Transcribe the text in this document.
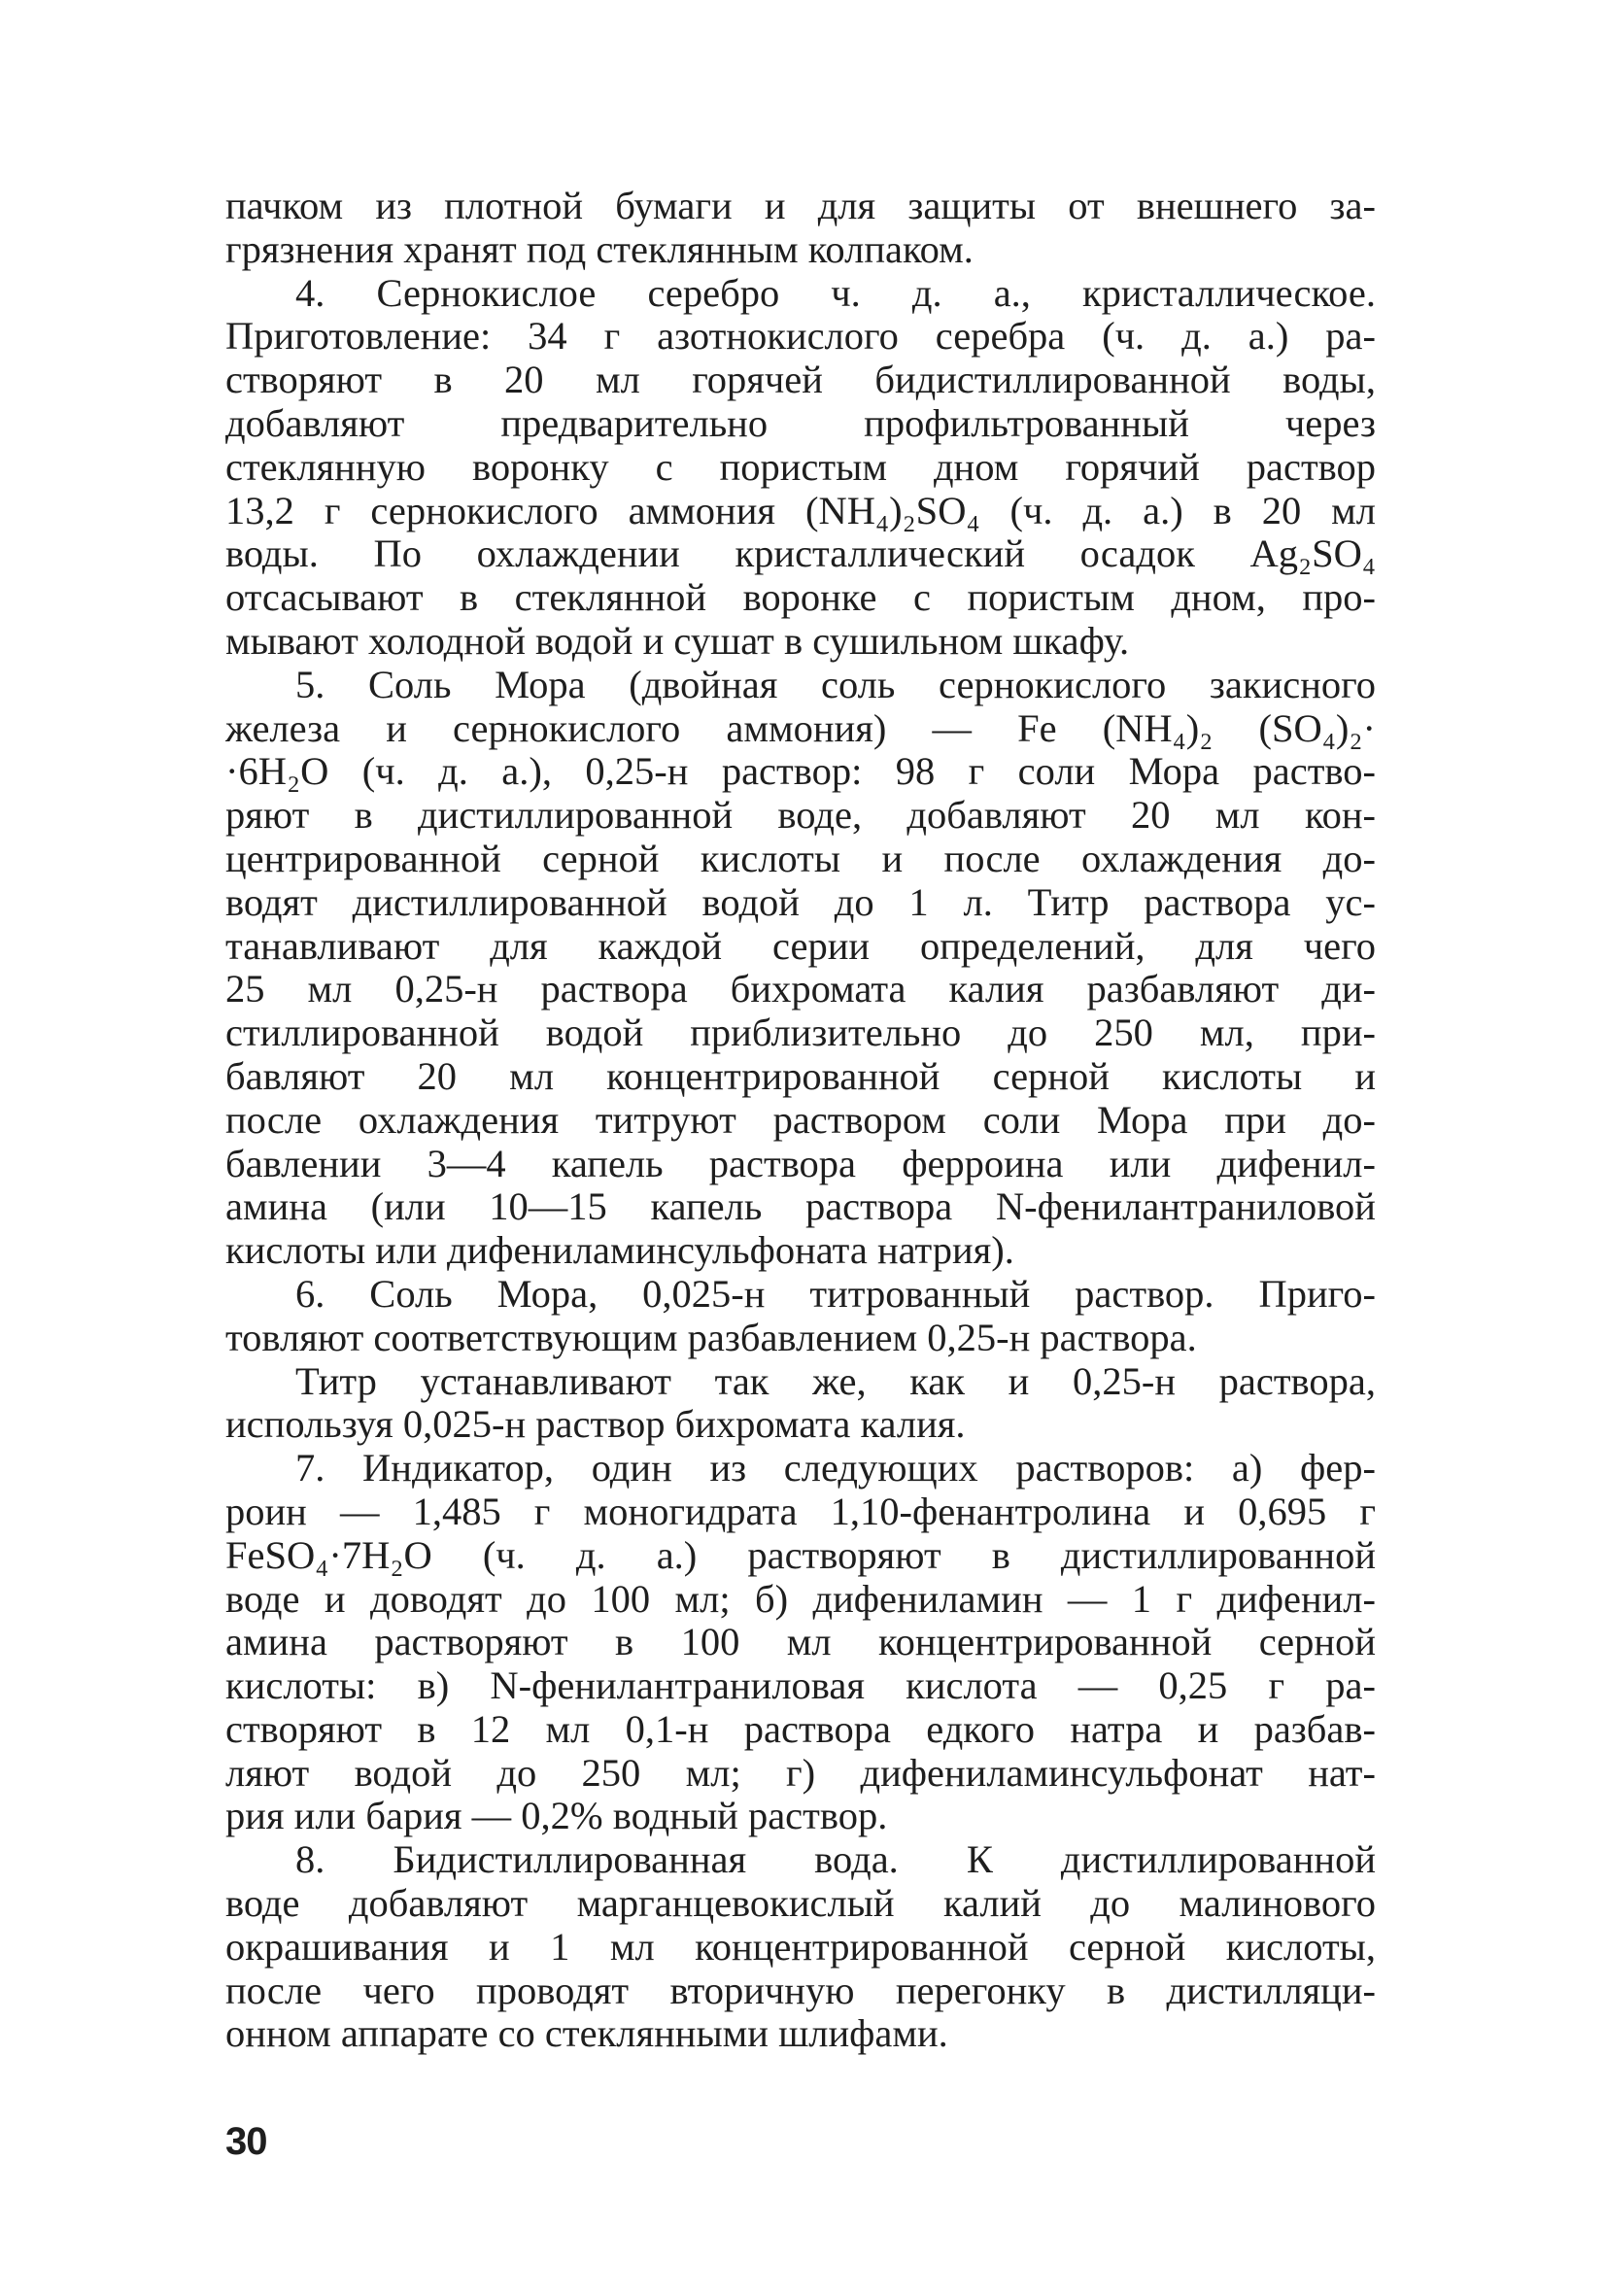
пачком из плотной бумаги и для защиты от внешнего за-
грязнения хранят под стеклянным колпаком.
4. Сернокислое серебро ч. д. а., кристаллическое.
Приготовление: 34 г азотнокислого серебра (ч. д. а.) ра-
створяют в 20 мл горячей бидистиллированной воды,
добавляют предварительно профильтрованный через
стеклянную воронку с пористым дном горячий раствор
13,2 г сернокислого аммония (NH₄)₂SO₄ (ч. д. а.) в 20 мл
воды. По охлаждении кристаллический осадок Ag₂SO₄
отсасывают в стеклянной воронке с пористым дном, про-
мывают холодной водой и сушат в сушильном шкафу.
5. Соль Мора (двойная соль сернокислого закисного
железа и сернокислого аммония) — Fe (NH₄)₂ (SO₄)₂·
·6H₂O (ч. д. а.), 0,25-н раствор: 98 г соли Мора раство-
ряют в дистиллированной воде, добавляют 20 мл кон-
центрированной серной кислоты и после охлаждения до-
водят дистиллированной водой до 1 л. Титр раствора ус-
танавливают для каждой серии определений, для чего
25 мл 0,25-н раствора бихромата калия разбавляют ди-
стиллированной водой приблизительно до 250 мл, при-
бавляют 20 мл концентрированной серной кислоты и
после охлаждения титруют раствором соли Мора при до-
бавлении 3—4 капель раствора ферроина или дифенил-
амина (или 10—15 капель раствора N-фенилантраниловой
кислоты или дифениламинсульфоната натрия).
6. Соль Мора, 0,025-н титрованный раствор. Приго-
товляют соответствующим разбавлением 0,25-н раствора.
Титр устанавливают так же, как и 0,25-н раствора,
используя 0,025-н раствор бихромата калия.
7. Индикатор, один из следующих растворов: а) фер-
роин — 1,485 г моногидрата 1,10-фенантролина и 0,695 г
FeSO₄·7H₂O (ч. д. а.) растворяют в дистиллированной
воде и доводят до 100 мл; б) дифениламин — 1 г дифенил-
амина растворяют в 100 мл концентрированной серной
кислоты: в) N-фенилантраниловая кислота — 0,25 г ра-
створяют в 12 мл 0,1-н раствора едкого натра и разбав-
ляют водой до 250 мл; г) дифениламинсульфонат нат-
рия или бария — 0,2% водный раствор.
8. Бидистиллированная вода. К дистиллированной
воде добавляют марганцевокислый калий до малинового
окрашивания и 1 мл концентрированной серной кислоты,
после чего проводят вторичную перегонку в дистилляци-
онном аппарате со стеклянными шлифами.
30
